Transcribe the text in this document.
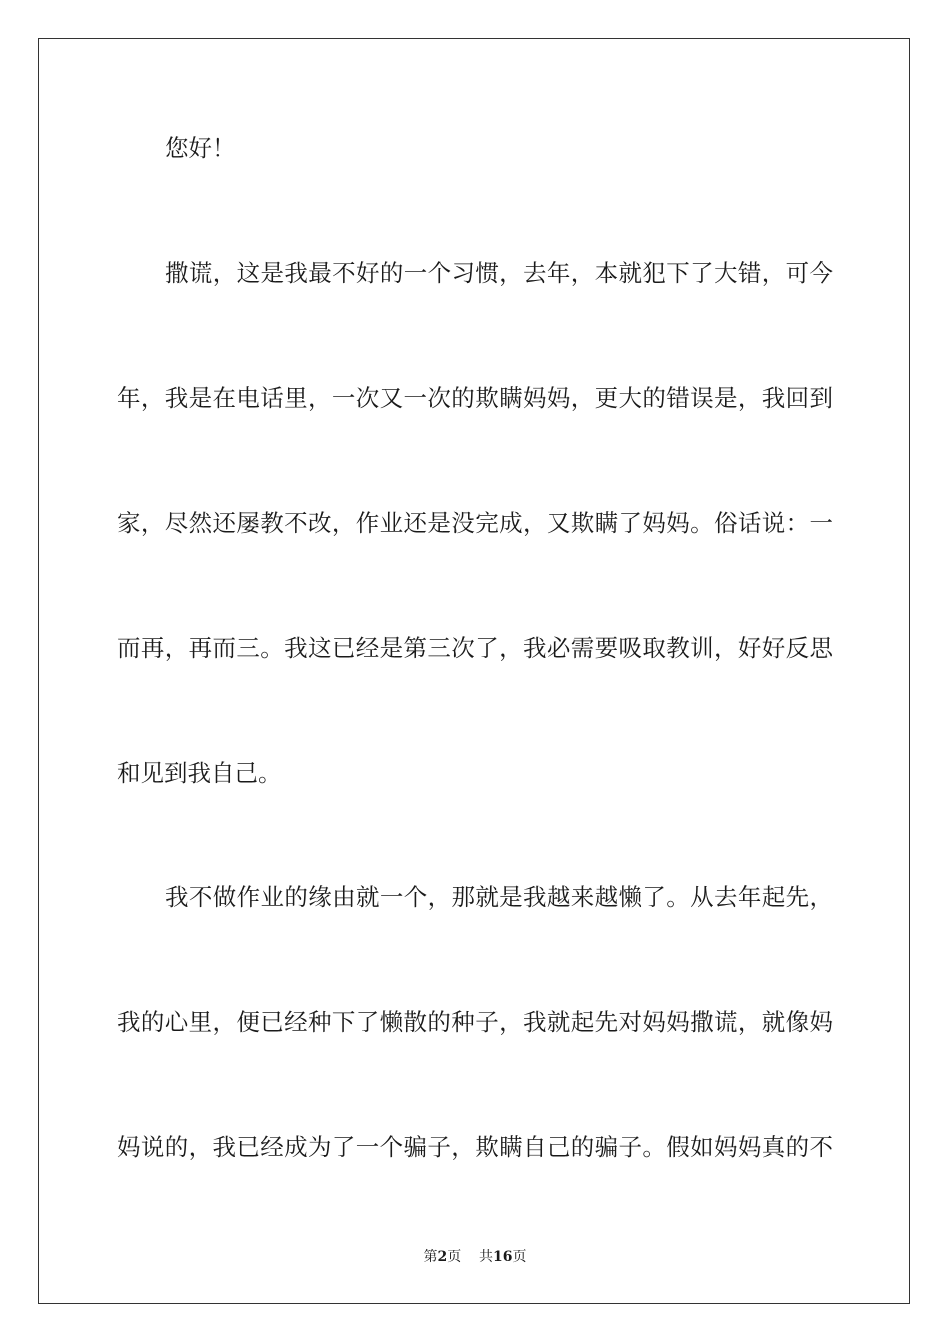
您好！
撒谎，这是我最不好的一个习惯，去年，本就犯下了大错，可今
年，我是在电话里，一次又一次的欺瞒妈妈，更大的错误是，我回到
家，尽然还屡教不改，作业还是没完成，又欺瞒了妈妈。俗话说：一
而再，再而三。我这已经是第三次了，我必需要吸取教训，好好反思
和见到我自己。
我不做作业的缘由就一个，那就是我越来越懒了。从去年起先，
我的心里，便已经种下了懒散的种子，我就起先对妈妈撒谎，就像妈
妈说的，我已经成为了一个骗子，欺瞒自己的骗子。假如妈妈真的不
第2页 共16页
